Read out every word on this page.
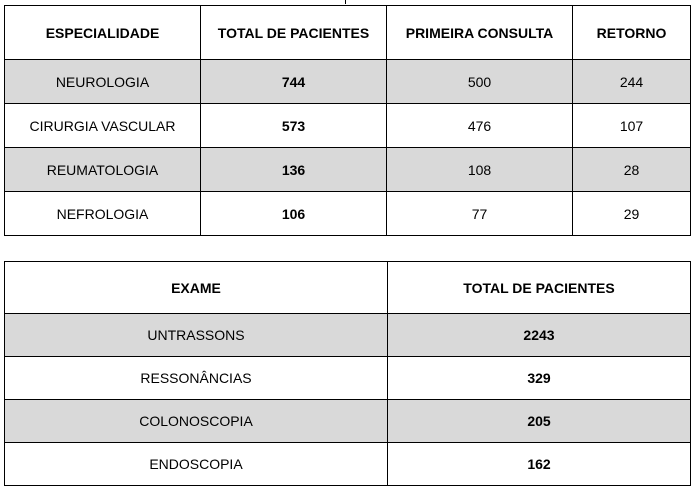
ESPECIALIDADE	TOTAL DE PACIENTES	PRIMEIRA CONSULTA	RETORNO
NEUROLOGIA	744	500	244
CIRURGIA VASCULAR	573	476	107
REUMATOLOGIA	136	108	28
NEFROLOGIA	106	77	29
EXAME	TOTAL DE PACIENTES
UNTRASSONS	2243
RESSONÂNCIAS	329
COLONOSCOPIA	205
ENDOSCOPIA	162
